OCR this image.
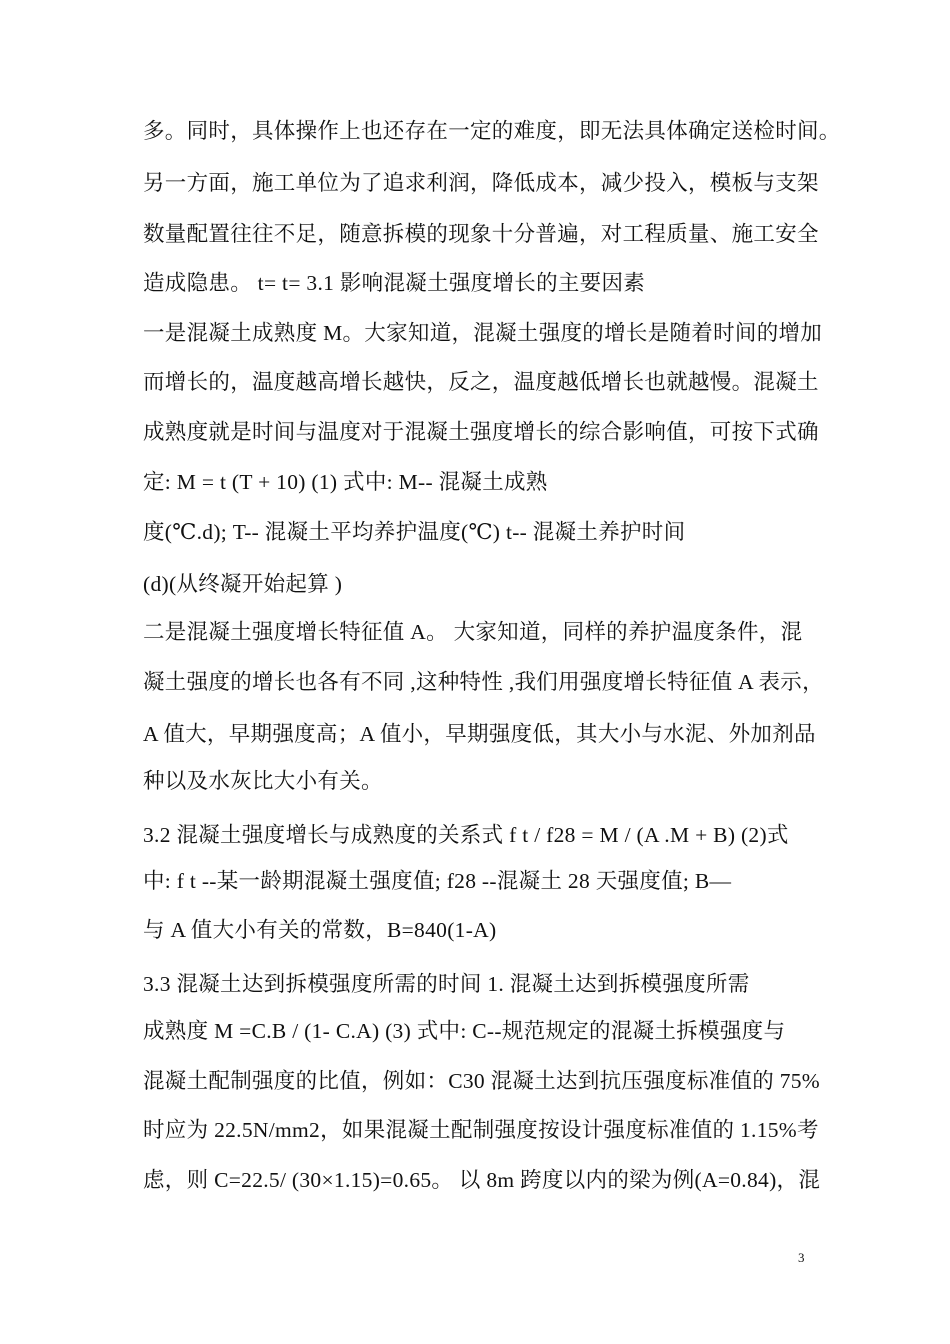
多。同时，具体操作上也还存在一定的难度，即无法具体确定送检时间。
另一方面，施工单位为了追求利润，降低成本，减少投入，模板与支架
数量配置往往不足，随意拆模的现象十分普遍，对工程质量、施工安全
造成隐患。 t= t= 3.1 影响混凝土强度增长的主要因素
一是混凝土成熟度 M。大家知道，混凝土强度的增长是随着时间的增加
而增长的，温度越高增长越快，反之，温度越低增长也就越慢。混凝土
成熟度就是时间与温度对于混凝土强度增长的综合影响值，可按下式确
定: M = t (T + 10) (1) 式中: M-- 混凝土成熟
度(℃.d); T-- 混凝土平均养护温度(℃) t-- 混凝土养护时间
(d)(从终凝开始起算 )
二是混凝土强度增长特征值 A。 大家知道，同样的养护温度条件，混
凝土强度的增长也各有不同 ,这种特性 ,我们用强度增长特征值 A 表示，
A 值大，早期强度高；A 值小，早期强度低，其大小与水泥、外加剂品
种以及水灰比大小有关。
3.2 混凝土强度增长与成熟度的关系式 f t / f28 = M / (A .M + B) (2)式
中: f t --某一龄期混凝土强度值; f28 --混凝土 28 天强度值; B—
与 A 值大小有关的常数，B=840(1-A)
3.3 混凝土达到拆模强度所需的时间 1. 混凝土达到拆模强度所需
成熟度 M =C.B / (1- C.A) (3) 式中: C--规范规定的混凝土拆模强度与
混凝土配制强度的比值，例如：C30 混凝土达到抗压强度标准值的 75%
时应为 22.5N/mm2，如果混凝土配制强度按设计强度标准值的 1.15%考
虑，则 C=22.5/ (30×1.15)=0.65。 以 8m 跨度以内的梁为例(A=0.84)，混
3
